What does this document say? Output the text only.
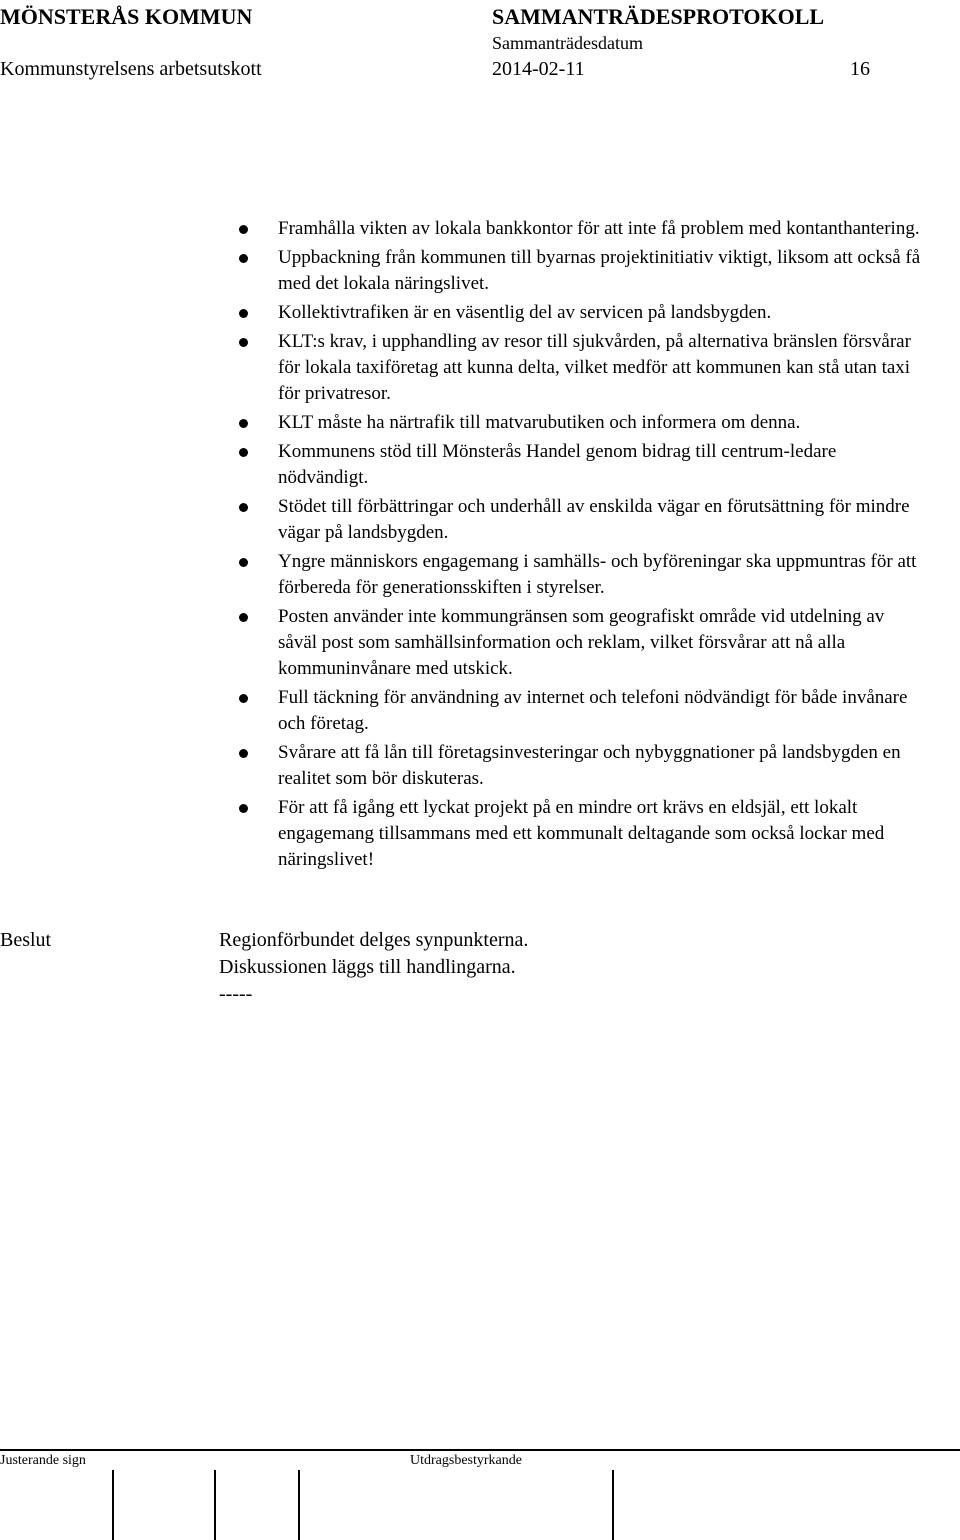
MÖNSTERÅS KOMMUN	SAMMANTRÄDESPROTOKOLL
Sammanträdesdatum
Kommunstyrelsens arbetsutskott	2014-02-11	16
Framhålla vikten av lokala bankkontor för att inte få problem med kontanthantering.
Uppbackning från kommunen till byarnas projektinitiativ viktigt, liksom att också få med det lokala näringslivet.
Kollektivtrafiken är en väsentlig del av servicen på landsbygden.
KLT:s krav, i upphandling av resor till sjukvården, på alternativa bränslen försvårar för lokala taxiföretag att kunna delta, vilket medför att kommunen kan stå utan taxi för privatresor.
KLT måste ha närtrafik till matvarubutiken och informera om denna.
Kommunens stöd till Mönsterås Handel genom bidrag till centrum-ledare nödvändigt.
Stödet till förbättringar och underhåll av enskilda vägar en förutsättning för mindre vägar på landsbygden.
Yngre människors engagemang i samhälls- och byföreningar ska uppmuntras för att förbereda för generationsskiften i styrelser.
Posten använder inte kommungränsen som geografiskt område vid utdelning av såväl post som samhällsinformation och reklam, vilket försvårar att nå alla kommuninvånare med utskick.
Full täckning för användning av internet och telefoni nödvändigt för både invånare och företag.
Svårare att få lån till företagsinvesteringar och nybyggnationer på landsbygden en realitet som bör diskuteras.
För att få igång ett lyckat projekt på en mindre ort krävs en eldsjäl, ett lokalt engagemang tillsammans med ett kommunalt deltagande som också lockar med näringslivet!
Beslut	Regionförbundet delges synpunkterna.
Diskussionen läggs till handlingarna.
-----
Justerande sign	Utdragsbestyrkande
